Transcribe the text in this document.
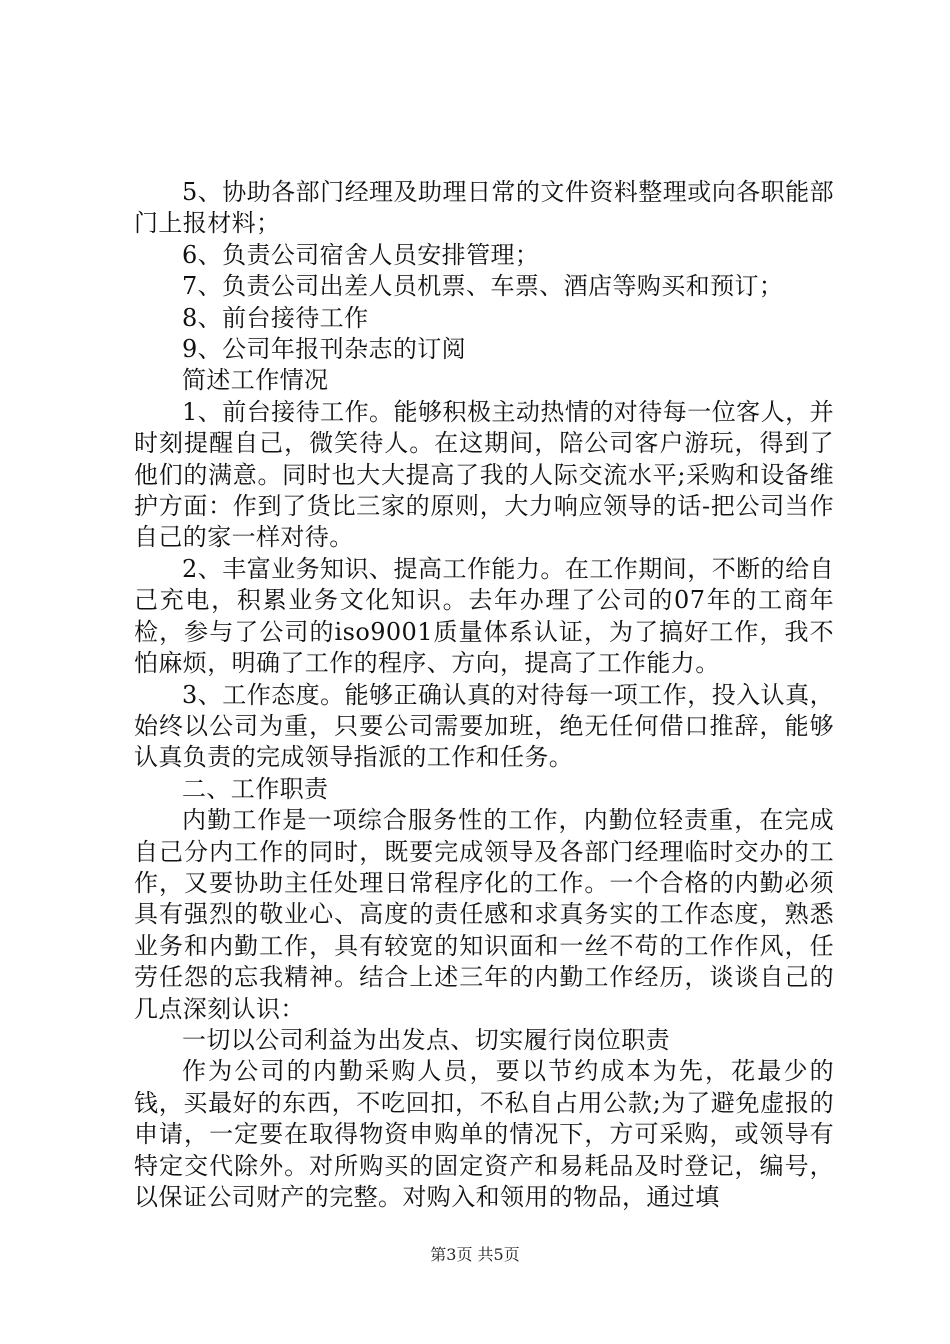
5、协助各部门经理及助理日常的文件资料整理或向各职能部门上报材料；

6、负责公司宿舍人员安排管理；

7、负责公司出差人员机票、车票、酒店等购买和预订；

8、前台接待工作

9、公司年报刊杂志的订阅

简述工作情况

1、前台接待工作。能够积极主动热情的对待每一位客人，并时刻提醒自己，微笑待人。在这期间，陪公司客户游玩，得到了他们的满意。同时也大大提高了我的人际交流水平;采购和设备维护方面：作到了货比三家的原则，大力响应领导的话-把公司当作自己的家一样对待。

2、丰富业务知识、提高工作能力。在工作期间，不断的给自己充电，积累业务文化知识。去年办理了公司的07年的工商年检，参与了公司的iso9001质量体系认证，为了搞好工作，我不怕麻烦，明确了工作的程序、方向，提高了工作能力。

3、工作态度。能够正确认真的对待每一项工作，投入认真，始终以公司为重，只要公司需要加班，绝无任何借口推辞，能够认真负责的完成领导指派的工作和任务。

二、工作职责

内勤工作是一项综合服务性的工作，内勤位轻责重，在完成自己分内工作的同时，既要完成领导及各部门经理临时交办的工作，又要协助主任处理日常程序化的工作。一个合格的内勤必须具有强烈的敬业心、高度的责任感和求真务实的工作态度，熟悉业务和内勤工作，具有较宽的知识面和一丝不苟的工作作风，任劳任怨的忘我精神。结合上述三年的内勤工作经历，谈谈自己的几点深刻认识：

一切以公司利益为出发点、切实履行岗位职责

作为公司的内勤采购人员，要以节约成本为先，花最少的钱，买最好的东西，不吃回扣，不私自占用公款;为了避免虚报的申请，一定要在取得物资申购单的情况下，方可采购，或领导有特定交代除外。对所购买的固定资产和易耗品及时登记，编号，以保证公司财产的完整。对购入和领用的物品，通过填

第3页 共5页
